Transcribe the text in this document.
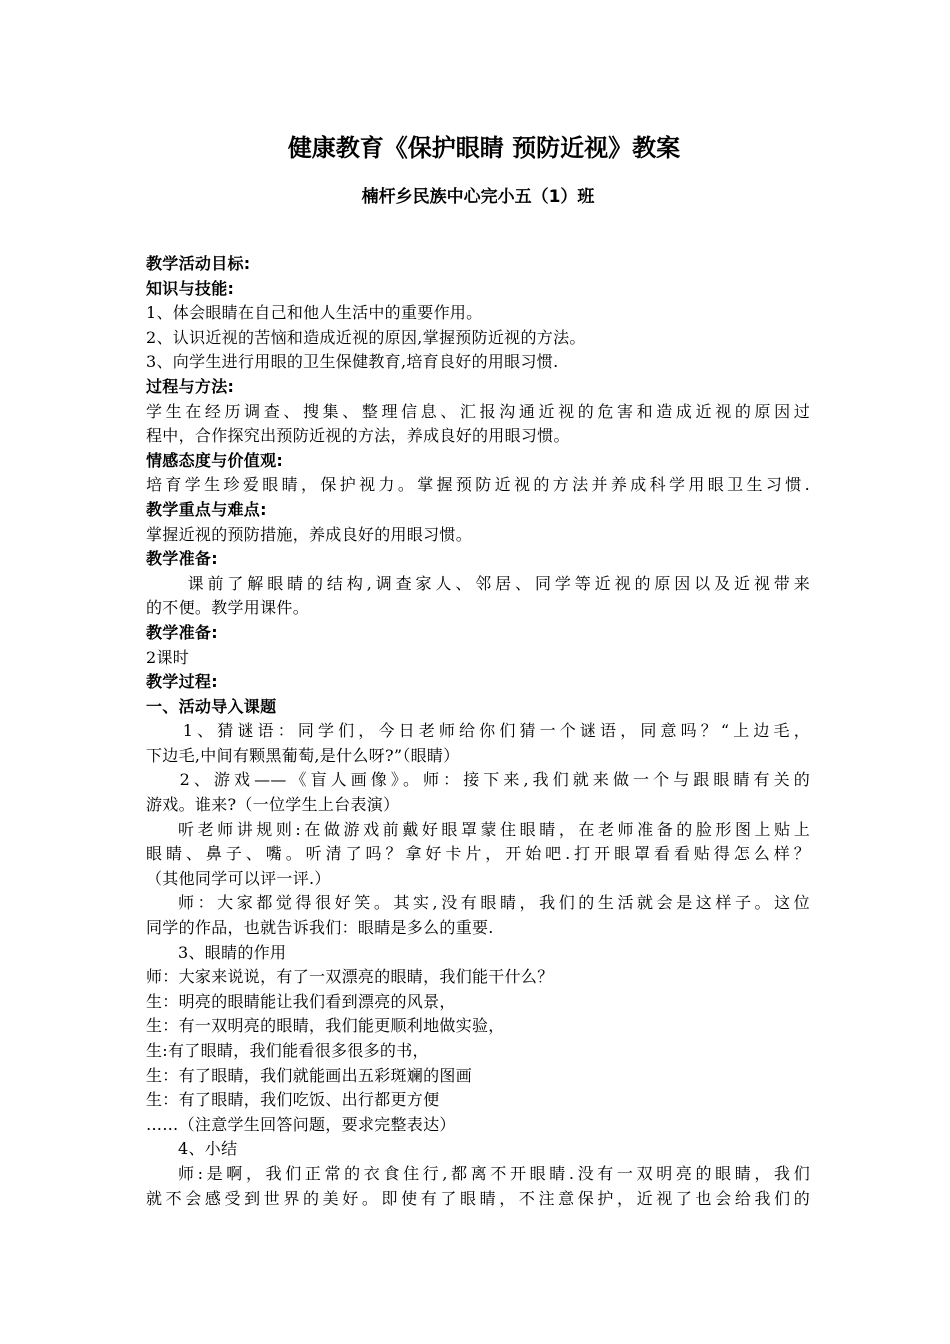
健康教育《保护眼睛 预防近视》教案
楠杆乡民族中心完小五（1）班

教学活动目标:

知识与技能:

1、体会眼睛在自己和他人生活中的重要作用。

2、认识近视的苦恼和造成近视的原因,掌握预防近视的方法。

3、向学生进行用眼的卫生保健教育,培育良好的用眼习惯.

过程与方法:

学生在经历调查、搜集、整理信息、汇报沟通近视的危害和造成近视的原因过

程中，合作探究出预防近视的方法，养成良好的用眼习惯。

情感态度与价值观:

培育学生珍爱眼睛，保护视力。掌握预防近视的方法并养成科学用眼卫生习惯.

教学重点与难点:

掌握近视的预防措施，养成良好的用眼习惯。

教学准备:

课前了解眼睛的结构,调查家人、邻居、同学等近视的原因以及近视带来

的不便。教学用课件。

教学准备:

2课时

教学过程:

一、活动导入课题

1、猜谜语：同学们，今日老师给你们猜一个谜语，同意吗？“上边毛，

下边毛,中间有颗黑葡萄,是什么呀?”（眼睛）

2、游戏——《盲人画像》。师：接下来,我们就来做一个与跟眼睛有关的

游戏。谁来?（一位学生上台表演）

听老师讲规则:在做游戏前戴好眼罩蒙住眼睛，在老师准备的脸形图上贴上

眼睛、鼻子、嘴。听清了吗？拿好卡片，开始吧.打开眼罩看看贴得怎么样？

（其他同学可以评一评.）

师：大家都觉得很好笑。其实,没有眼睛，我们的生活就会是这样子。这位

同学的作品，也就告诉我们：眼睛是多么的重要.

3、眼睛的作用

师：大家来说说，有了一双漂亮的眼睛，我们能干什么？

生：明亮的眼睛能让我们看到漂亮的风景，

生：有一双明亮的眼睛，我们能更顺利地做实验，

生:有了眼睛，我们能看很多很多的书，

生：有了眼睛，我们就能画出五彩斑斓的图画

生：有了眼睛，我们吃饭、出行都更方便

……（注意学生回答问题，要求完整表达）

4、小结

师:是啊，我们正常的衣食住行,都离不开眼睛.没有一双明亮的眼睛，我们

就不会感受到世界的美好。即使有了眼睛，不注意保护，近视了也会给我们的
